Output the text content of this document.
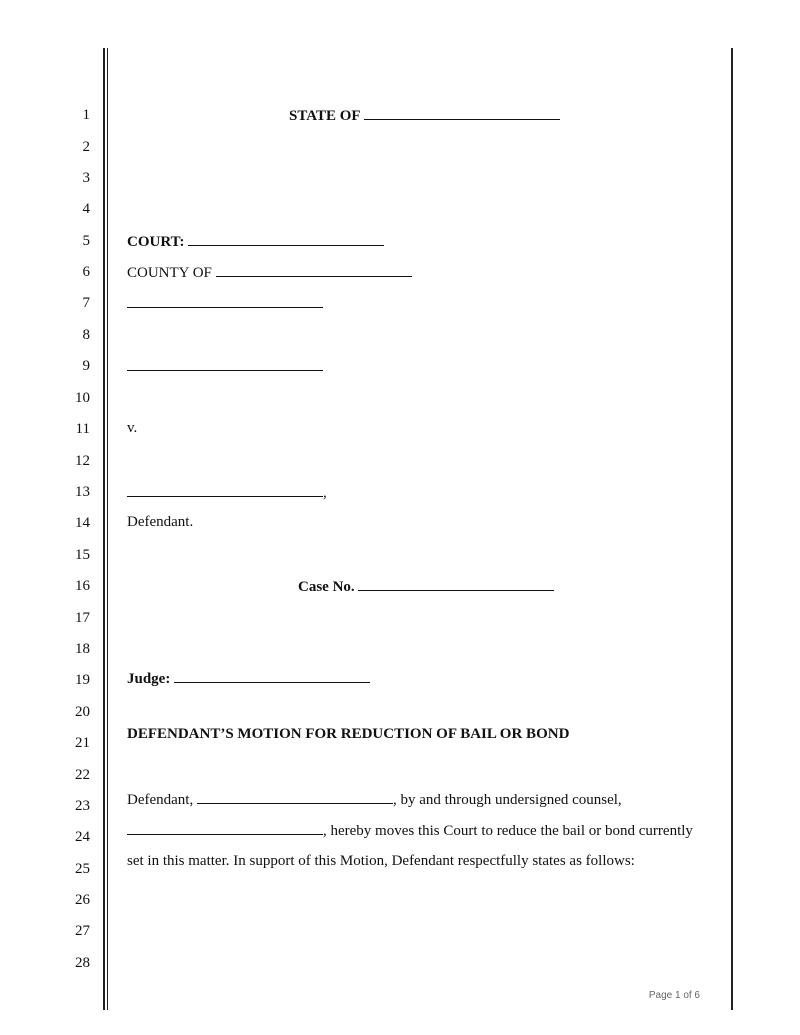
1
2
3
4
5
6
7
8
9
10
11
12
13
14
15
16
17
18
19
20
21
22
23
24
25
26
27
28
STATE OF
COURT:
COUNTY OF
v.
,
Defendant.
Case No.
Judge:
DEFENDANT’S MOTION FOR REDUCTION OF BAIL OR BOND
Defendant,	, by and through undersigned counsel,
, hereby moves this Court to reduce the bail or bond currently
set in this matter. In support of this Motion, Defendant respectfully states as follows:
Page 1 of 6
